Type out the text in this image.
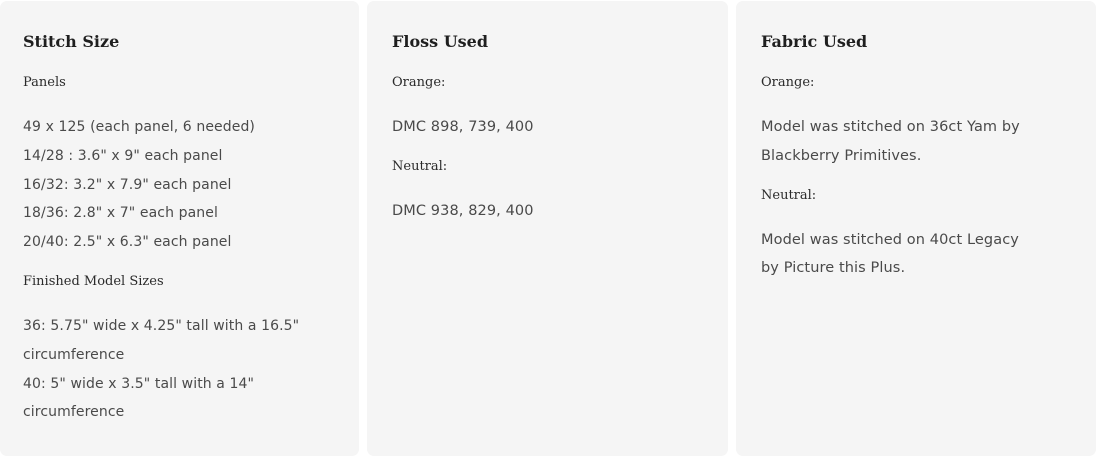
Stitch Size
Panels
49 x 125 (each panel, 6 needed)
14/28 : 3.6" x 9" each panel
16/32: 3.2" x 7.9" each panel
18/36: 2.8" x 7" each panel
20/40: 2.5" x 6.3" each panel
Finished Model Sizes
36: 5.75" wide x 4.25" tall with a 16.5"
circumference
40: 5" wide x 3.5" tall with a 14"
circumference
Floss Used
Orange:
DMC 898, 739, 400
Neutral:
DMC 938, 829, 400
Fabric Used
Orange:
Model was stitched on 36ct Yam by
Blackberry Primitives.
Neutral:
Model was stitched on 40ct Legacy
by Picture this Plus.
